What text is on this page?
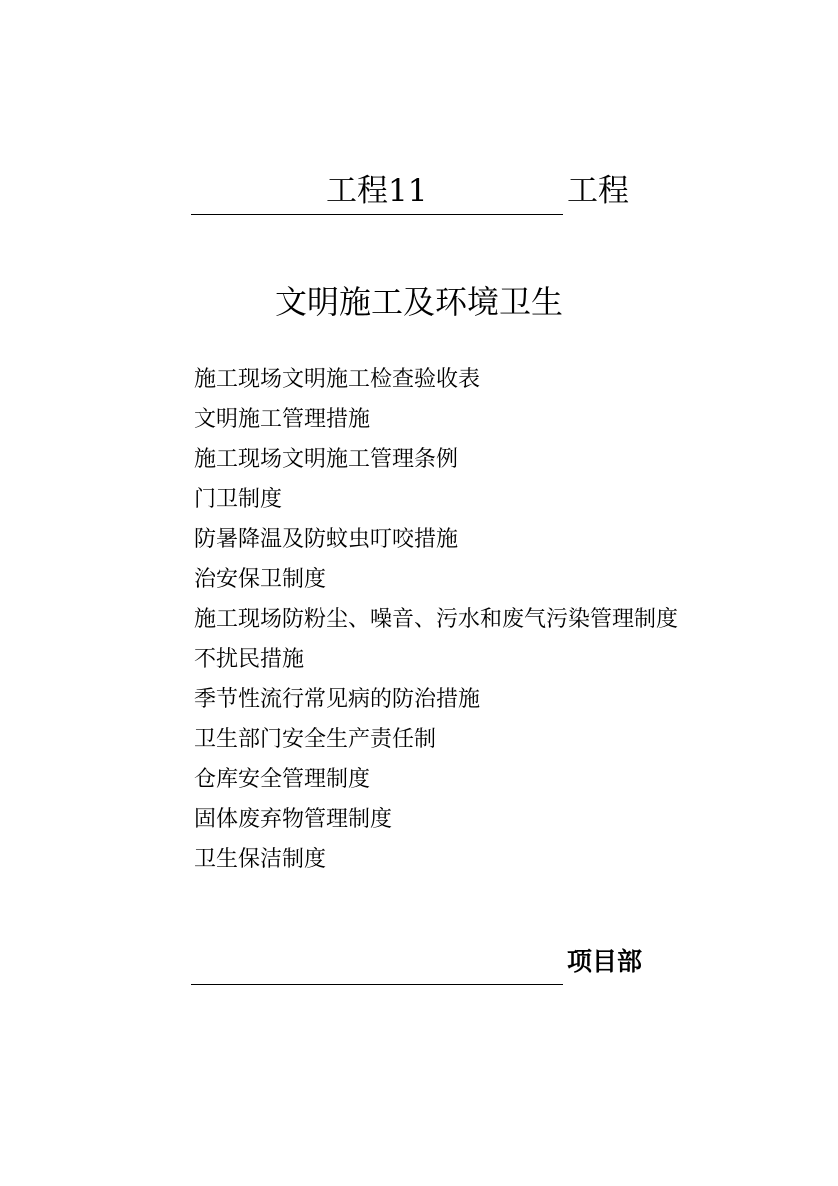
工程11	工程
文明施工及环境卫生
施工现场文明施工检查验收表
文明施工管理措施
施工现场文明施工管理条例
门卫制度
防暑降温及防蚊虫叮咬措施
治安保卫制度
施工现场防粉尘、噪音、污水和废气污染管理制度
不扰民措施
季节性流行常见病的防治措施
卫生部门安全生产责任制
仓库安全管理制度
固体废弃物管理制度
卫生保洁制度
项目部
